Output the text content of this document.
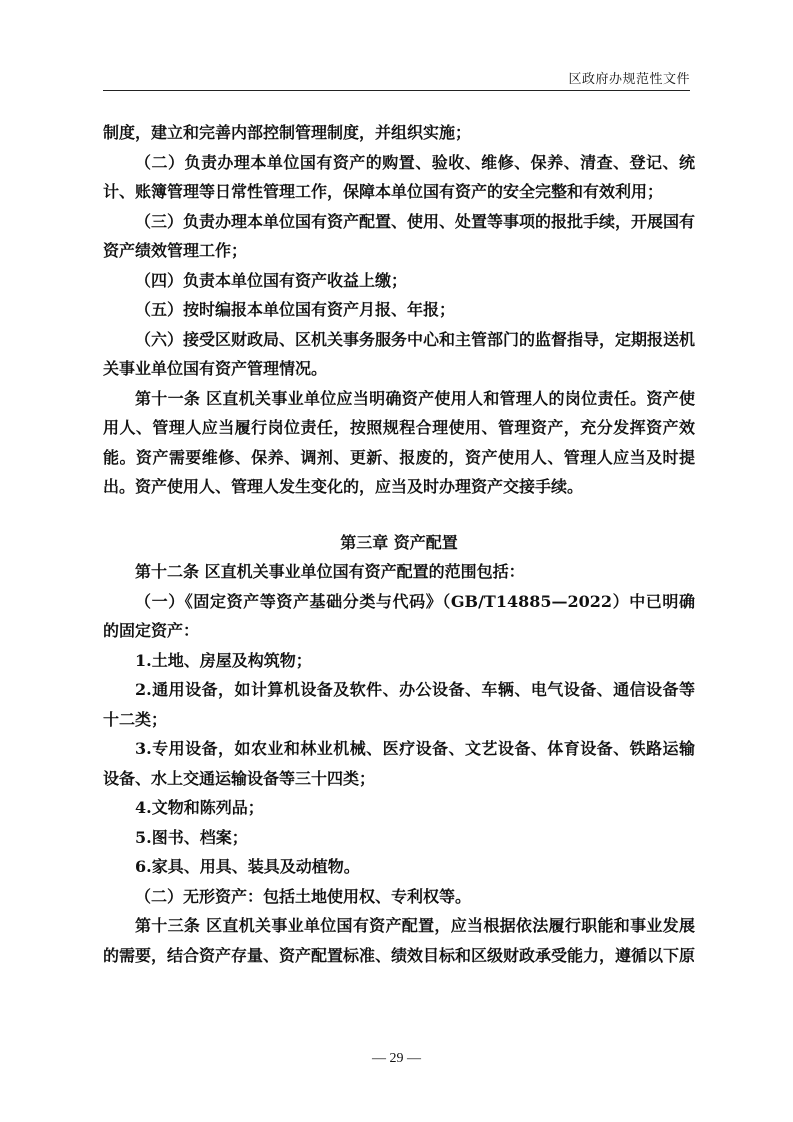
区政府办规范性文件

制度，建立和完善内部控制管理制度，并组织实施；

（二）负责办理本单位国有资产的购置、验收、维修、保养、清查、登记、统计、账簿管理等日常性管理工作，保障本单位国有资产的安全完整和有效利用；

（三）负责办理本单位国有资产配置、使用、处置等事项的报批手续，开展国有资产绩效管理工作；

（四）负责本单位国有资产收益上缴；

（五）按时编报本单位国有资产月报、年报；

（六）接受区财政局、区机关事务服务中心和主管部门的监督指导，定期报送机关事业单位国有资产管理情况。

第十一条 区直机关事业单位应当明确资产使用人和管理人的岗位责任。资产使用人、管理人应当履行岗位责任，按照规程合理使用、管理资产，充分发挥资产效能。资产需要维修、保养、调剂、更新、报废的，资产使用人、管理人应当及时提出。资产使用人、管理人发生变化的，应当及时办理资产交接手续。

第三章 资产配置

第十二条 区直机关事业单位国有资产配置的范围包括：

（一）《固定资产等资产基础分类与代码》（GB/T14885—2022）中已明确的固定资产：

1.土地、房屋及构筑物；

2.通用设备，如计算机设备及软件、办公设备、车辆、电气设备、通信设备等十二类；

3.专用设备，如农业和林业机械、医疗设备、文艺设备、体育设备、铁路运输设备、水上交通运输设备等三十四类；

4.文物和陈列品；

5.图书、档案；

6.家具、用具、装具及动植物。

（二）无形资产：包括土地使用权、专利权等。

第十三条 区直机关事业单位国有资产配置，应当根据依法履行职能和事业发展的需要，结合资产存量、资产配置标准、绩效目标和区级财政承受能力，遵循以下原

— 29 —
